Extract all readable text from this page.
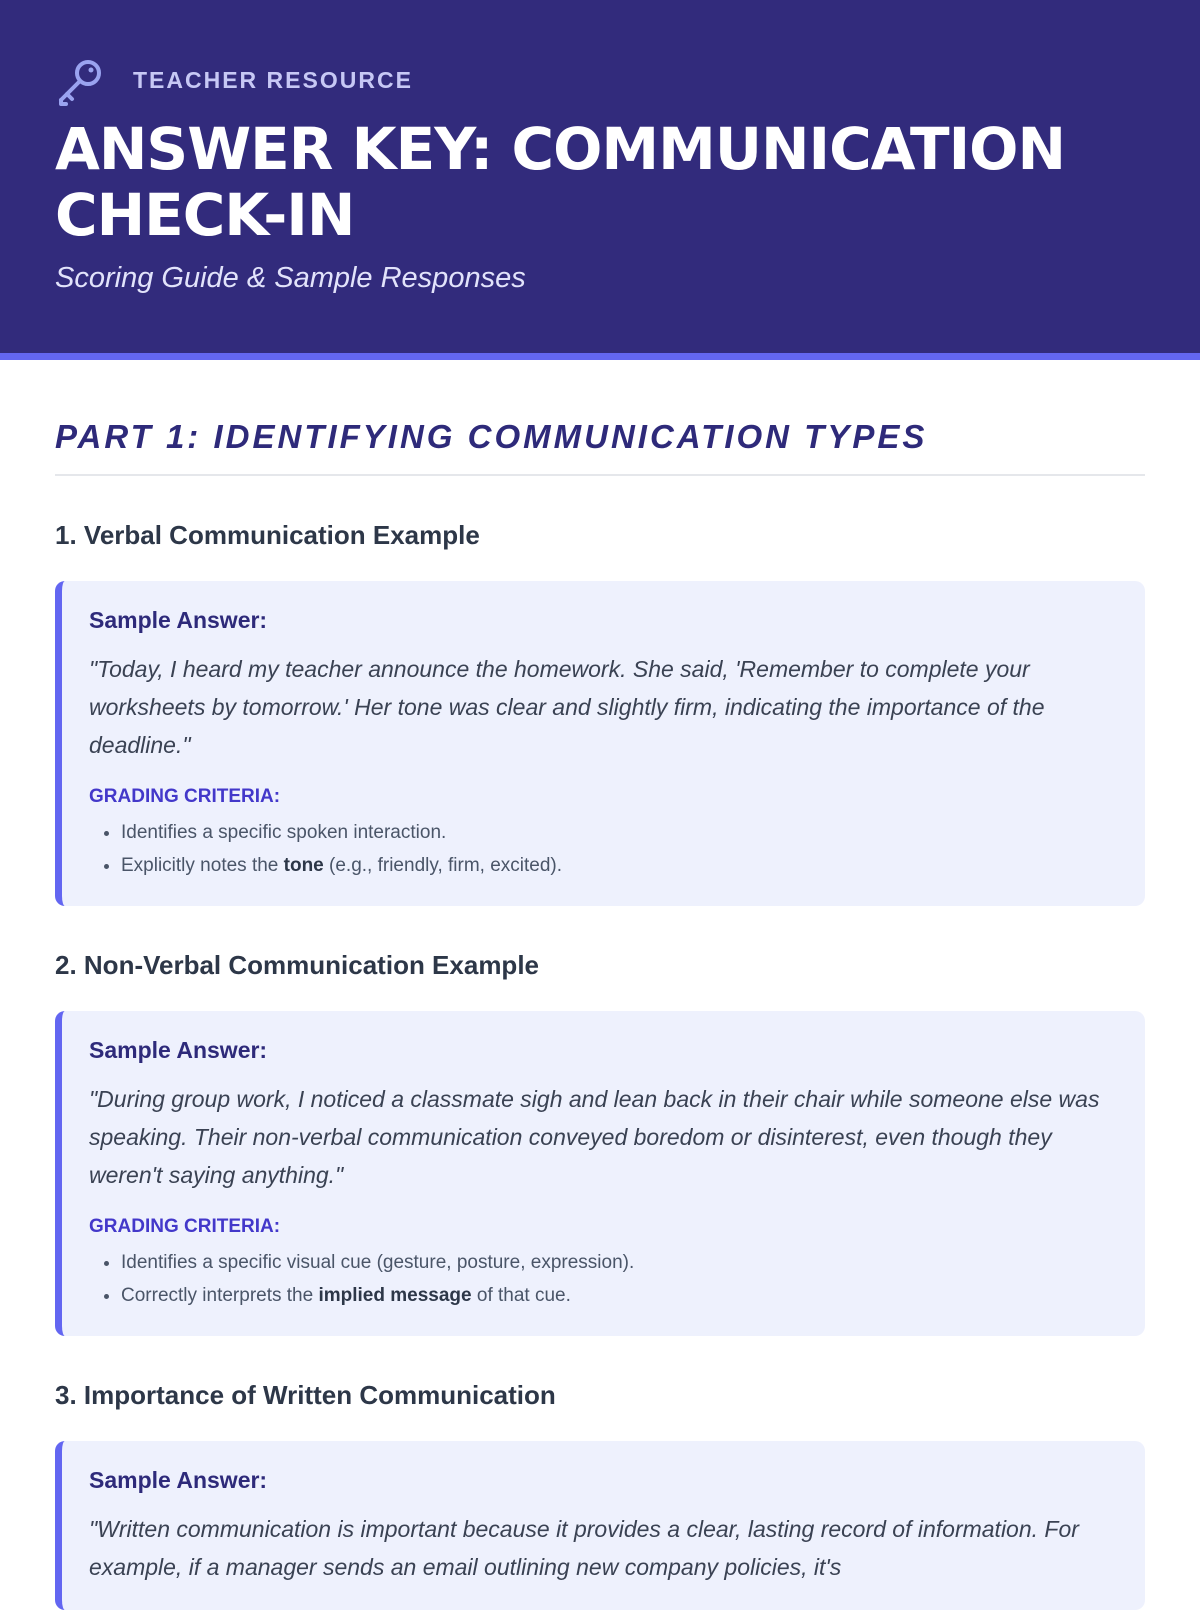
TEACHER RESOURCE
ANSWER KEY: COMMUNICATION CHECK-IN
Scoring Guide & Sample Responses
PART 1: IDENTIFYING COMMUNICATION TYPES
1. Verbal Communication Example
Sample Answer:
"Today, I heard my teacher announce the homework. She said, 'Remember to complete your worksheets by tomorrow.' Her tone was clear and slightly firm, indicating the importance of the deadline."
GRADING CRITERIA:
• Identifies a specific spoken interaction.
• Explicitly notes the tone (e.g., friendly, firm, excited).
2. Non-Verbal Communication Example
Sample Answer:
"During group work, I noticed a classmate sigh and lean back in their chair while someone else was speaking. Their non-verbal communication conveyed boredom or disinterest, even though they weren't saying anything."
GRADING CRITERIA:
• Identifies a specific visual cue (gesture, posture, expression).
• Correctly interprets the implied message of that cue.
3. Importance of Written Communication
Sample Answer:
"Written communication is important because it provides a clear, lasting record of information. For example, if a manager sends an email outlining new company policies, it's
